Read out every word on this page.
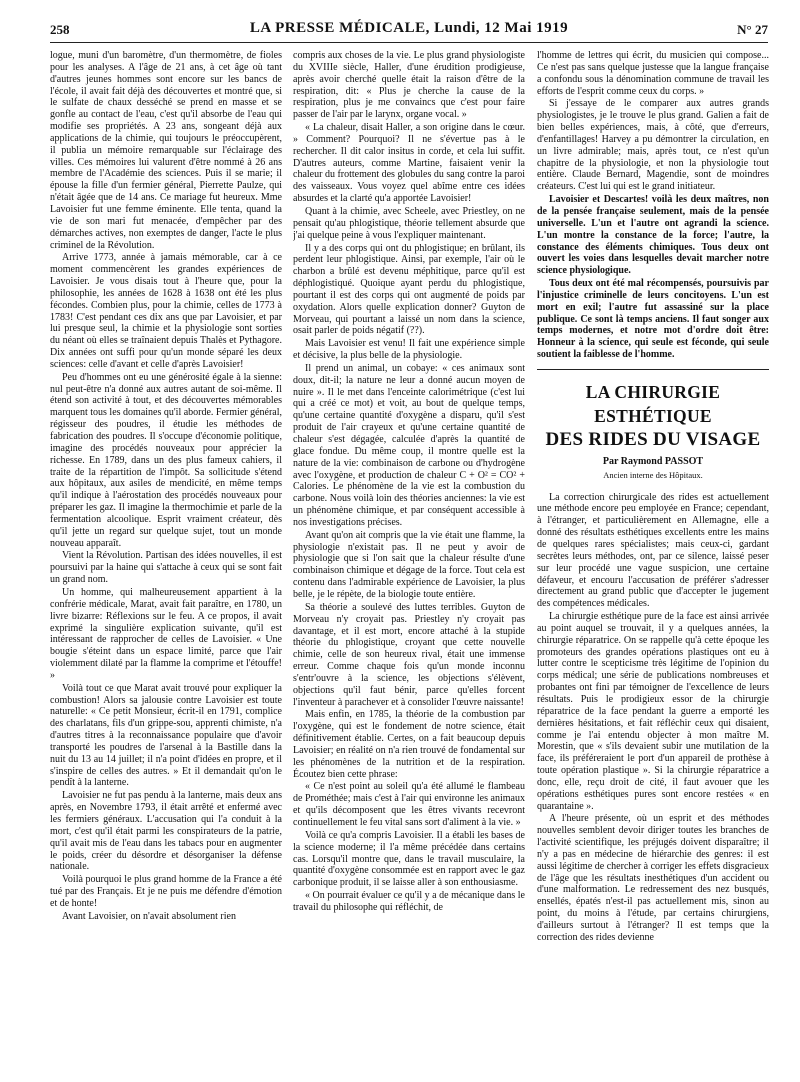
258	LA PRESSE MÉDICALE, Lundi, 12 Mai 1919	N° 27

logue, muni d'un baromètre, d'un thermomètre, de fioles pour les analyses. A l'âge de 21 ans, à cet âge où tant d'autres jeunes hommes sont encore sur les bancs de l'école, il avait fait déjà des découvertes et montré que, si le sulfate de chaux desséché se prend en masse et se gonfle au contact de l'eau, c'est qu'il absorbe de l'eau qui modifie ses propriétés. A 23 ans, songeant déjà aux applications de la chimie, qui toujours le préoccupèrent, il publia un mémoire remarquable sur l'éclairage des villes. Ces mémoires lui valurent d'être nommé à 26 ans membre de l'Académie des sciences. Puis il se marie; il épouse la fille d'un fermier général, Pierrette Paulze, qui n'était âgée que de 14 ans. Ce mariage fut heureux. Mme Lavoisier fut une femme éminente. Elle tenta, quand la vie de son mari fut menacée, d'empêcher par des démarches actives, non exemptes de danger, l'acte le plus criminel de la Révolution.

Arrive 1773, année à jamais mémorable, car à ce moment commencèrent les grandes expériences de Lavoisier. Je vous disais tout à l'heure que, pour la philosophie, les années de 1628 à 1638 ont été les plus fécondes. Combien plus, pour la chimie, celles de 1773 à 1783! C'est pendant ces dix ans que par Lavoisier, et par lui presque seul, la chimie et la physiologie sont sorties du néant où elles se traînaient depuis Thalès et Pythagore. Dix années ont suffi pour qu'un monde séparé les deux sciences: celle d'avant et celle d'après Lavoisier!

Peu d'hommes ont eu une générosité égale à la sienne: nul peut-être n'a donné aux autres autant de soi-même. Il étend son activité à tout, et des découvertes mémorables marquent tous les domaines qu'il aborde. Fermier général, régisseur des poudres, il étudie les méthodes de fabrication des poudres. Il s'occupe d'économie politique, imagine des procédés nouveaux pour apprécier la richesse. En 1789, dans un des plus fameux cahiers, il traite de la répartition de l'impôt. Sa sollicitude s'étend aux hôpitaux, aux asiles de mendicité, en même temps qu'il indique à l'aérostation des procédés nouveaux pour préparer les gaz. Il imagine la thermochimie et parle de la fermentation alcoolique. Esprit vraiment créateur, dès qu'il jette un regard sur quelque sujet, tout un monde nouveau apparaît.

Vient la Révolution. Partisan des idées nouvelles, il est poursuivi par la haine qui s'attache à ceux qui se sont fait un grand nom.

Un homme, qui malheureusement appartient à la confrérie médicale, Marat, avait fait paraître, en 1780, un livre bizarre: Réflexions sur le feu. A ce propos, il avait exprimé la singulière explication suivante, qu'il est intéressant de rapprocher de celles de Lavoisier. « Une bougie s'éteint dans un espace limité, parce que l'air violemment dilaté par la flamme la comprime et l'étouffe! »

Voilà tout ce que Marat avait trouvé pour expliquer la combustion! Alors sa jalousie contre Lavoisier est toute naturelle: « Ce petit Monsieur, écrit-il en 1791, complice des charlatans, fils d'un grippe-sou, apprenti chimiste, n'a d'autres titres à la reconnaissance populaire que d'avoir transporté les poudres de l'arsenal à la Bastille dans la nuit du 13 au 14 juillet; il n'a point d'idées en propre, et il s'inspire de celles des autres. » Et il demandait qu'on le pendît à la lanterne.

Lavoisier ne fut pas pendu à la lanterne, mais deux ans après, en Novembre 1793, il était arrêté et enfermé avec les fermiers généraux. L'accusation qui l'a conduit à la mort, c'est qu'il était parmi les conspirateurs de la patrie, qu'il avait mis de l'eau dans les tabacs pour en augmenter le poids, créer du désordre et désorganiser la défense nationale.

Voilà pourquoi le plus grand homme de la France a été tué par des Français. Et je ne puis me défendre d'émotion et de honte!

Avant Lavoisier, on n'avait absolument rien

compris aux choses de la vie. Le plus grand physiologiste du XVIIIe siècle, Haller, d'une érudition prodigieuse, après avoir cherché quelle était la raison d'être de la respiration, dit: « Plus je cherche la cause de la respiration, plus je me convaincs que c'est pour faire passer de l'air par le larynx, organe vocal. »

« La chaleur, disait Haller, a son origine dans le cœur. » Comment? Pourquoi? Il ne s'évertue pas à le rechercher. Il dit calor insitus in corde, et cela lui suffit. D'autres auteurs, comme Martine, faisaient venir la chaleur du frottement des globules du sang contre la paroi des vaisseaux. Vous voyez quel abîme entre ces idées absurdes et la clarté qu'a apportée Lavoisier!

Quant à la chimie, avec Scheele, avec Priestley, on ne pensait qu'au phlogistique, théorie tellement absurde que j'ai quelque peine à vous l'expliquer maintenant.

Il y a des corps qui ont du phlogistique; en brûlant, ils perdent leur phlogistique. Ainsi, par exemple, l'air où le charbon a brûlé est devenu méphitique, parce qu'il est déphlogistiqué. Quoique ayant perdu du phlogistique, pourtant il est des corps qui ont augmenté de poids par oxydation. Alors quelle explication donner? Guyton de Morveau, qui pourtant a laissé un nom dans la science, osait parler de poids négatif (??).

Mais Lavoisier est venu! Il fait une expérience simple et décisive, la plus belle de la physiologie.

Il prend un animal, un cobaye: « ces animaux sont doux, dit-il; la nature ne leur a donné aucun moyen de nuire ». Il le met dans l'enceinte calorimétrique (c'est lui qui a créé ce mot) et voit, au bout de quelque temps, qu'une certaine quantité d'oxygène a disparu, qu'il s'est produit de l'air crayeux et qu'une certaine quantité de chaleur s'est dégagée, calculée d'après la quantité de glace fondue. Du même coup, il montre quelle est la nature de la vie: combinaison de carbone ou d'hydrogène avec l'oxygène, et production de chaleur C + O² = CO² + Calories. Le phénomène de la vie est la combustion du carbone. Nous voilà loin des théories anciennes: la vie est un phénomène chimique, et par conséquent accessible à nos investigations précises.

Avant qu'on ait compris que la vie était une flamme, la physiologie n'existait pas. Il ne peut y avoir de physiologie que si l'on sait que la chaleur résulte d'une combinaison chimique et dégage de la force. Tout cela est contenu dans l'admirable expérience de Lavoisier, la plus belle, je le répète, de la biologie toute entière.

Sa théorie a soulevé des luttes terribles. Guyton de Morveau n'y croyait pas. Priestley n'y croyait pas davantage, et il est mort, encore attaché à la stupide théorie du phlogistique, croyant que cette nouvelle chimie, celle de son heureux rival, était une immense erreur. Comme chaque fois qu'un monde inconnu s'entr'ouvre à la science, les objections s'élèvent, objections qu'il faut bénir, parce qu'elles forcent l'inventeur à parachever et à consolider l'œuvre naissante!

Mais enfin, en 1785, la théorie de la combustion par l'oxygène, qui est le fondement de notre science, était définitivement établie. Certes, on a fait beaucoup depuis Lavoisier; en réalité on n'a rien trouvé de fondamental sur les phénomènes de la nutrition et de la respiration. Écoutez bien cette phrase:

« Ce n'est point au soleil qu'a été allumé le flambeau de Prométhée; mais c'est à l'air qui environne les animaux et qu'ils décomposent que les êtres vivants recevront continuellement le feu vital sans sort d'aliment à la vie. »

Voilà ce qu'a compris Lavoisier. Il a établi les bases de la science moderne; il l'a même précédée dans certains cas. Lorsqu'il montre que, dans le travail musculaire, la quantité d'oxygène consommée est en rapport avec le gaz carbonique produit, il se laisse aller à son enthousiasme.

« On pourrait évaluer ce qu'il y a de mécanique dans le travail du philosophe qui réfléchit, de

l'homme de lettres qui écrit, du musicien qui compose... Ce n'est pas sans quelque justesse que la langue française a confondu sous la dénomination commune de travail les efforts de l'esprit comme ceux du corps. »

Si j'essaye de le comparer aux autres grands physiologistes, je le trouve le plus grand. Galien a fait de bien belles expériences, mais, à côté, que d'erreurs, d'enfantillages! Harvey a pu démontrer la circulation, en un livre admirable; mais, après tout, ce n'est qu'un chapitre de la physiologie, et non la physiologie tout entière. Claude Bernard, Magendie, sont de moindres créateurs. C'est lui qui est le grand initiateur.

Lavoisier et Descartes! voilà les deux maîtres, non de la pensée française seulement, mais de la pensée universelle. L'un et l'autre ont agrandi la science. L'un montre la constance de la force; l'autre, la constance des éléments chimiques. Tous deux ont ouvert les voies dans lesquelles devait marcher notre science physiologique.

Tous deux ont été mal récompensés, poursuivis par l'injustice criminelle de leurs concitoyens. L'un est mort en exil; l'autre fut assassiné sur la place publique. Ce sont là temps anciens. Il faut songer aux temps modernes, et notre mot d'ordre doit être: Honneur à la science, qui seule est féconde, qui seule soutient la faiblesse de l'homme.

LA CHIRURGIE ESTHÉTIQUE
DES RIDES DU VISAGE
Par Raymond PASSOT
Ancien interne des Hôpitaux.

La correction chirurgicale des rides est actuellement une méthode encore peu employée en France; cependant, à l'étranger, et particulièrement en Allemagne, elle a donné des résultats esthétiques excellents entre les mains de quelques rares spécialistes; mais ceux-ci, gardant secrètes leurs méthodes, ont, par ce silence, laissé peser sur leur procédé une vague suspicion, une certaine défaveur, et encouru l'accusation de préférer s'adresser directement au grand public que d'accepter le jugement des compétences médicales.

La chirurgie esthétique pure de la face est ainsi arrivée au point auquel se trouvait, il y a quelques années, la chirurgie réparatrice. On se rappelle qu'à cette époque les promoteurs des grandes opérations plastiques ont eu à lutter contre le scepticisme très légitime de l'opinion du corps médical; une série de publications nombreuses et probantes ont fini par témoigner de l'excellence de leurs résultats. Puis le prodigieux essor de la chirurgie réparatrice de la face pendant la guerre a emporté les dernières hésitations, et fait réfléchir ceux qui disaient, comme je l'ai entendu objecter à mon maître M. Morestin, que « s'ils devaient subir une mutilation de la face, ils préféreraient le port d'un appareil de prothèse à toute opération plastique ». Si la chirurgie réparatrice a donc, elle, reçu droit de cité, il faut avouer que les opérations esthétiques pures sont encore restées « en quarantaine ».

A l'heure présente, où un esprit et des méthodes nouvelles semblent devoir diriger toutes les branches de l'activité scientifique, les préjugés doivent disparaître; il n'y a pas en médecine de hiérarchie des genres: il est aussi légitime de chercher à corriger les effets disgracieux de l'âge que les résultats inesthétiques d'un accident ou d'une malformation. Le redressement des nez busqués, ensellés, épatés n'est-il pas actuellement mis, sinon au point, du moins à l'étude, par certains chirurgiens, d'ailleurs surtout à l'étranger? Il est temps que la correction des rides devienne
